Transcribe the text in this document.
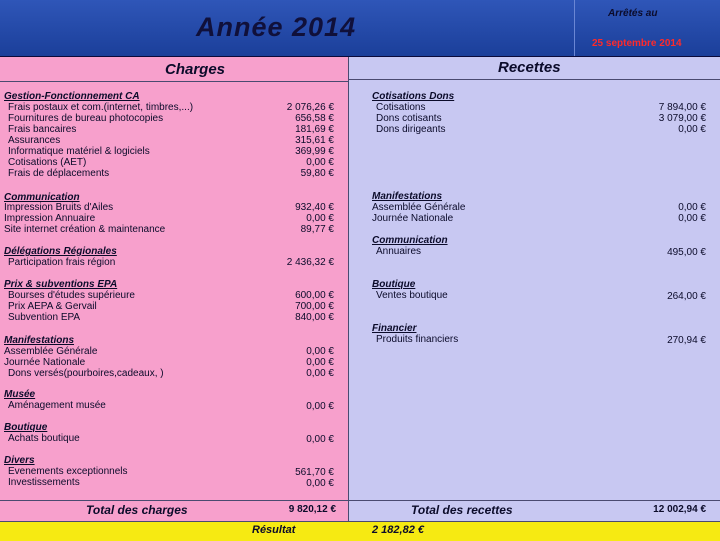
Année 2014	Arrêtés au
25 septembre 2014
Charges
Gestion-Fonctionnement CA
Frais postaux et com.(internet, timbres,...)	2 076,26 €
Fournitures de bureau photocopies	656,58 €
Frais bancaires	181,69 €
Assurances	315,61 €
Informatique matériel & logiciels	369,99 €
Cotisations (AET)	0,00 €
Frais de déplacements	59,80 €
Communication
Impression Bruits d'Ailes	932,40 €
Impression Annuaire	0,00 €
Site internet création & maintenance	89,77 €
Délégations Régionales
Participation frais région	2 436,32 €
Prix & subventions EPA
Bourses d'études supérieure	600,00 €
Prix AEPA & Gervail	700,00 €
Subvention EPA	840,00 €
Manifestations
Assemblée Générale	0,00 €
Journée Nationale	0,00 €
Dons versés(pourboires,cadeaux, )	0,00 €
Musée
Aménagement musée	0,00 €
Boutique
Achats boutique	0,00 €
Divers
Evenements exceptionnels	561,70 €
Investissements	0,00 €
Recettes
Cotisations Dons
Cotisations	7 894,00 €
Dons cotisants	3 079,00 €
Dons dirigeants	0,00 €
Manifestations
Assemblée Générale	0,00 €
Journée Nationale	0,00 €
Communication
Annuaires	495,00 €
Boutique
Ventes boutique	264,00 €
Financier
Produits financiers	270,94 €
Total des charges	9 820,12 €	Total des recettes	12 002,94 €
Résultat	2 182,82 €
